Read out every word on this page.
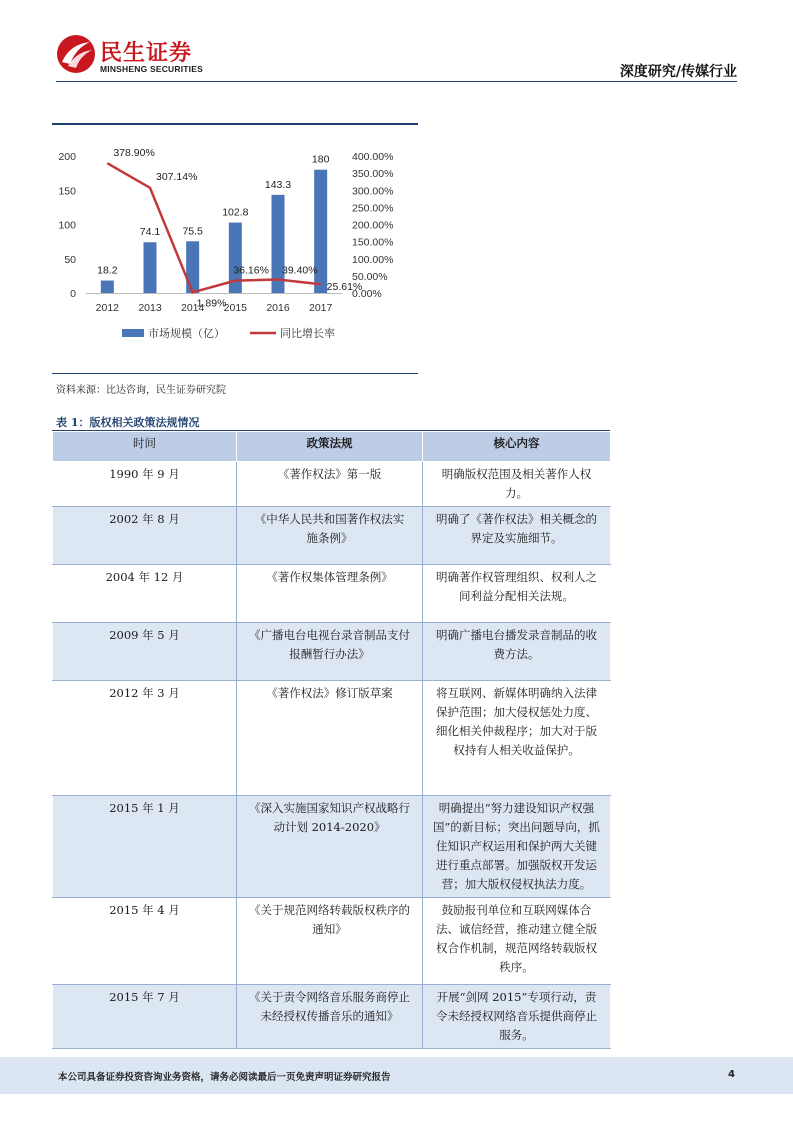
民生证券
MINSHENG SECURITIES	深度研究/传媒行业
0
50
100
150
200
0.00%
50.00%
100.00%
150.00%
200.00%
250.00%
300.00%
350.00%
400.00%
18.2
74.1 75.5
102.8
143.3
180
2012 2013 2014 2015 2016 2017
378.90%
307.14%
1.89%
36.16% 39.40%
25.61%
市场规模（亿）	同比增长率
资料来源：比达咨询，民生证券研究院
表 1：版权相关政策法规情况
时间	政策法规	核心内容
1990 年 9 月	《著作权法》第一版	明确版权范围及相关著作人权力。
2002 年 8 月	《中华人民共和国著作权法实施条例》	明确了《著作权法》相关概念的界定及实施细节。
2004 年 12 月	《著作权集体管理条例》	明确著作权管理组织、权利人之间利益分配相关法规。
2009 年 5 月	《广播电台电视台录音制品支付报酬暂行办法》	明确广播电台播发录音制品的收费方法。
2012 年 3 月	《著作权法》修订版草案	将互联网、新媒体明确纳入法律保护范围；加大侵权惩处力度、细化相关仲裁程序；加大对于版权持有人相关收益保护。
2015 年 1 月	《深入实施国家知识产权战略行动计划 2014-2020》	明确提出“努力建设知识产权强国”的新目标；突出问题导向，抓住知识产权运用和保护两大关键进行重点部署。加强版权开发运营；加大版权侵权执法力度。
2015 年 4 月	《关于规范网络转载版权秩序的通知》	鼓励报刊单位和互联网媒体合法、诚信经营，推动建立健全版权合作机制，规范网络转载版权秩序。
2015 年 7 月	《关于责令网络音乐服务商停止未经授权传播音乐的通知》	开展“剑网 2015”专项行动，责令未经授权网络音乐提供商停止服务。
本公司具备证券投资咨询业务资格，请务必阅读最后一页免责声明证券研究报告	4
